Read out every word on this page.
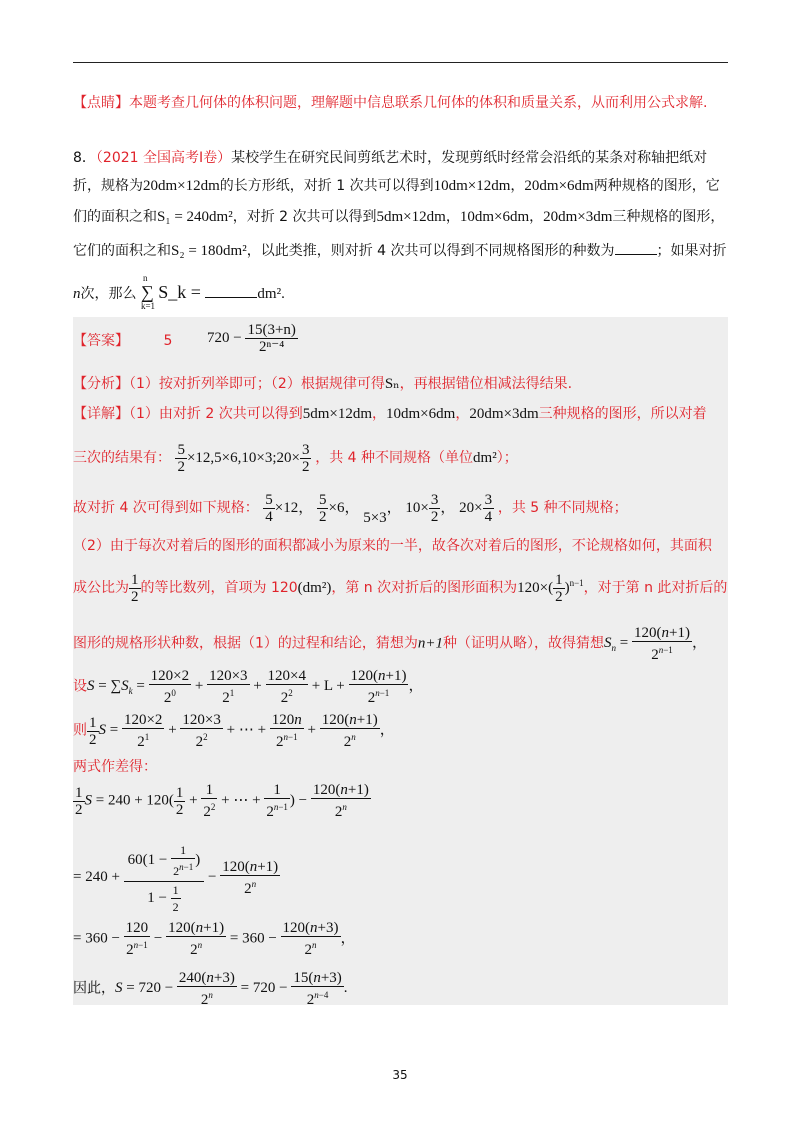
【点睛】本题考查几何体的体积问题，理解题中信息联系几何体的体积和质量关系，从而利用公式求解.
8．（2021 全国高考Ⅰ卷）某校学生在研究民间剪纸艺术时，发现剪纸时经常会沿纸的某条对称轴把纸对
折，规格为20dm×12dm的长方形纸，对折 1 次共可以得到10dm×12dm，20dm×6dm两种规格的图形，它
们的面积之和S₁ = 240dm²，对折 2 次共可以得到5dm×12dm，10dm×6dm，20dm×3dm三种规格的图形，
它们的面积之和S₂ = 180dm²，以此类推，则对折 4 次共可以得到不同规格图形的种数为	；如果对折
n次，那么
n
k=1
∑ S_k =	dm².
【答案】 5 $720 - \frac{15(3+n)}{\text{2ⁿ⁻⁴}}$
【分析】（1）按对折列举即可；（2）根据规律可得Sₙ，再根据错位相减法得结果.
【详解】（1）由对折 2 次共可以得到5dm×12dm，10dm×6dm，20dm×3dm三种规格的图形，所以对着
三次的结果有： $\frac{5}{2}$ ×12,5×6,10×3;20× $\frac{3}{2}$ ，共 4 种不同规格（单位dm²）；
故对折 4 次可得到如下规格： $\frac{5}{4} \times 12$， $\frac{5}{2} \times 6$， 5×3， $10\times \frac{3}{2}$ ， $20\times \frac{3}{4}$ ，共 5 种不同规格；
（2）由于每次对着后的图形的面积都减小为原来的一半，故各次对着后的图形，不论规格如何，其面积
成公比为 $\frac{1}{2}$ 的等比数列，首项为 120(dm²)，第 n 次对折后的图形面积为$120\times( \frac{1}{2} )^{n-1}$，对于第 n 此对折后的
图形的规格形状种数，根据（1）的过程和结论，猜想为n+1种（证明从略），故得猜想$S_n = \frac{120(n+1)}{2^{n-1}}$ ，
设$S = \sum S_k = \frac{120\times 2}{2^0} + \frac{120\times 3}{2^1} + \frac{120\times 4}{2^2} + L + \frac{120(n+1)}{2^{n-1}}$ ，
则 $\frac{1}{2}$ $S = \frac{120\times 2}{2^1} + \frac{120\times 3}{2^2}$ + ⋯ + $\frac{120n}{2^{n-1}} + \frac{120(n+1)}{2^n}$ ，
两式作差得：
$\frac{1}{2}$ $S = 240 + 120( \frac{1}{2} + \frac{1}{2^2}$ + ⋯ + $\frac{1}{2^{n-1}}$ ) − $\frac{120(n+1)}{2^n}$
= $240 + \frac{60(1 - \frac{1}{2^{n-1}} )}{1 - \frac{1}{2}} - \frac{120(n+1)}{2^n}$
= $360 - \frac{120}{2^{n-1}} - \frac{120(n+1)}{2^n} = 360 - \frac{120(n+3)}{2^n}$ ，
因此，$S = 720 - \frac{240(n+3)}{2^n} = 720 - \frac{15(n+3)}{2^{n-4}}$ .
35
